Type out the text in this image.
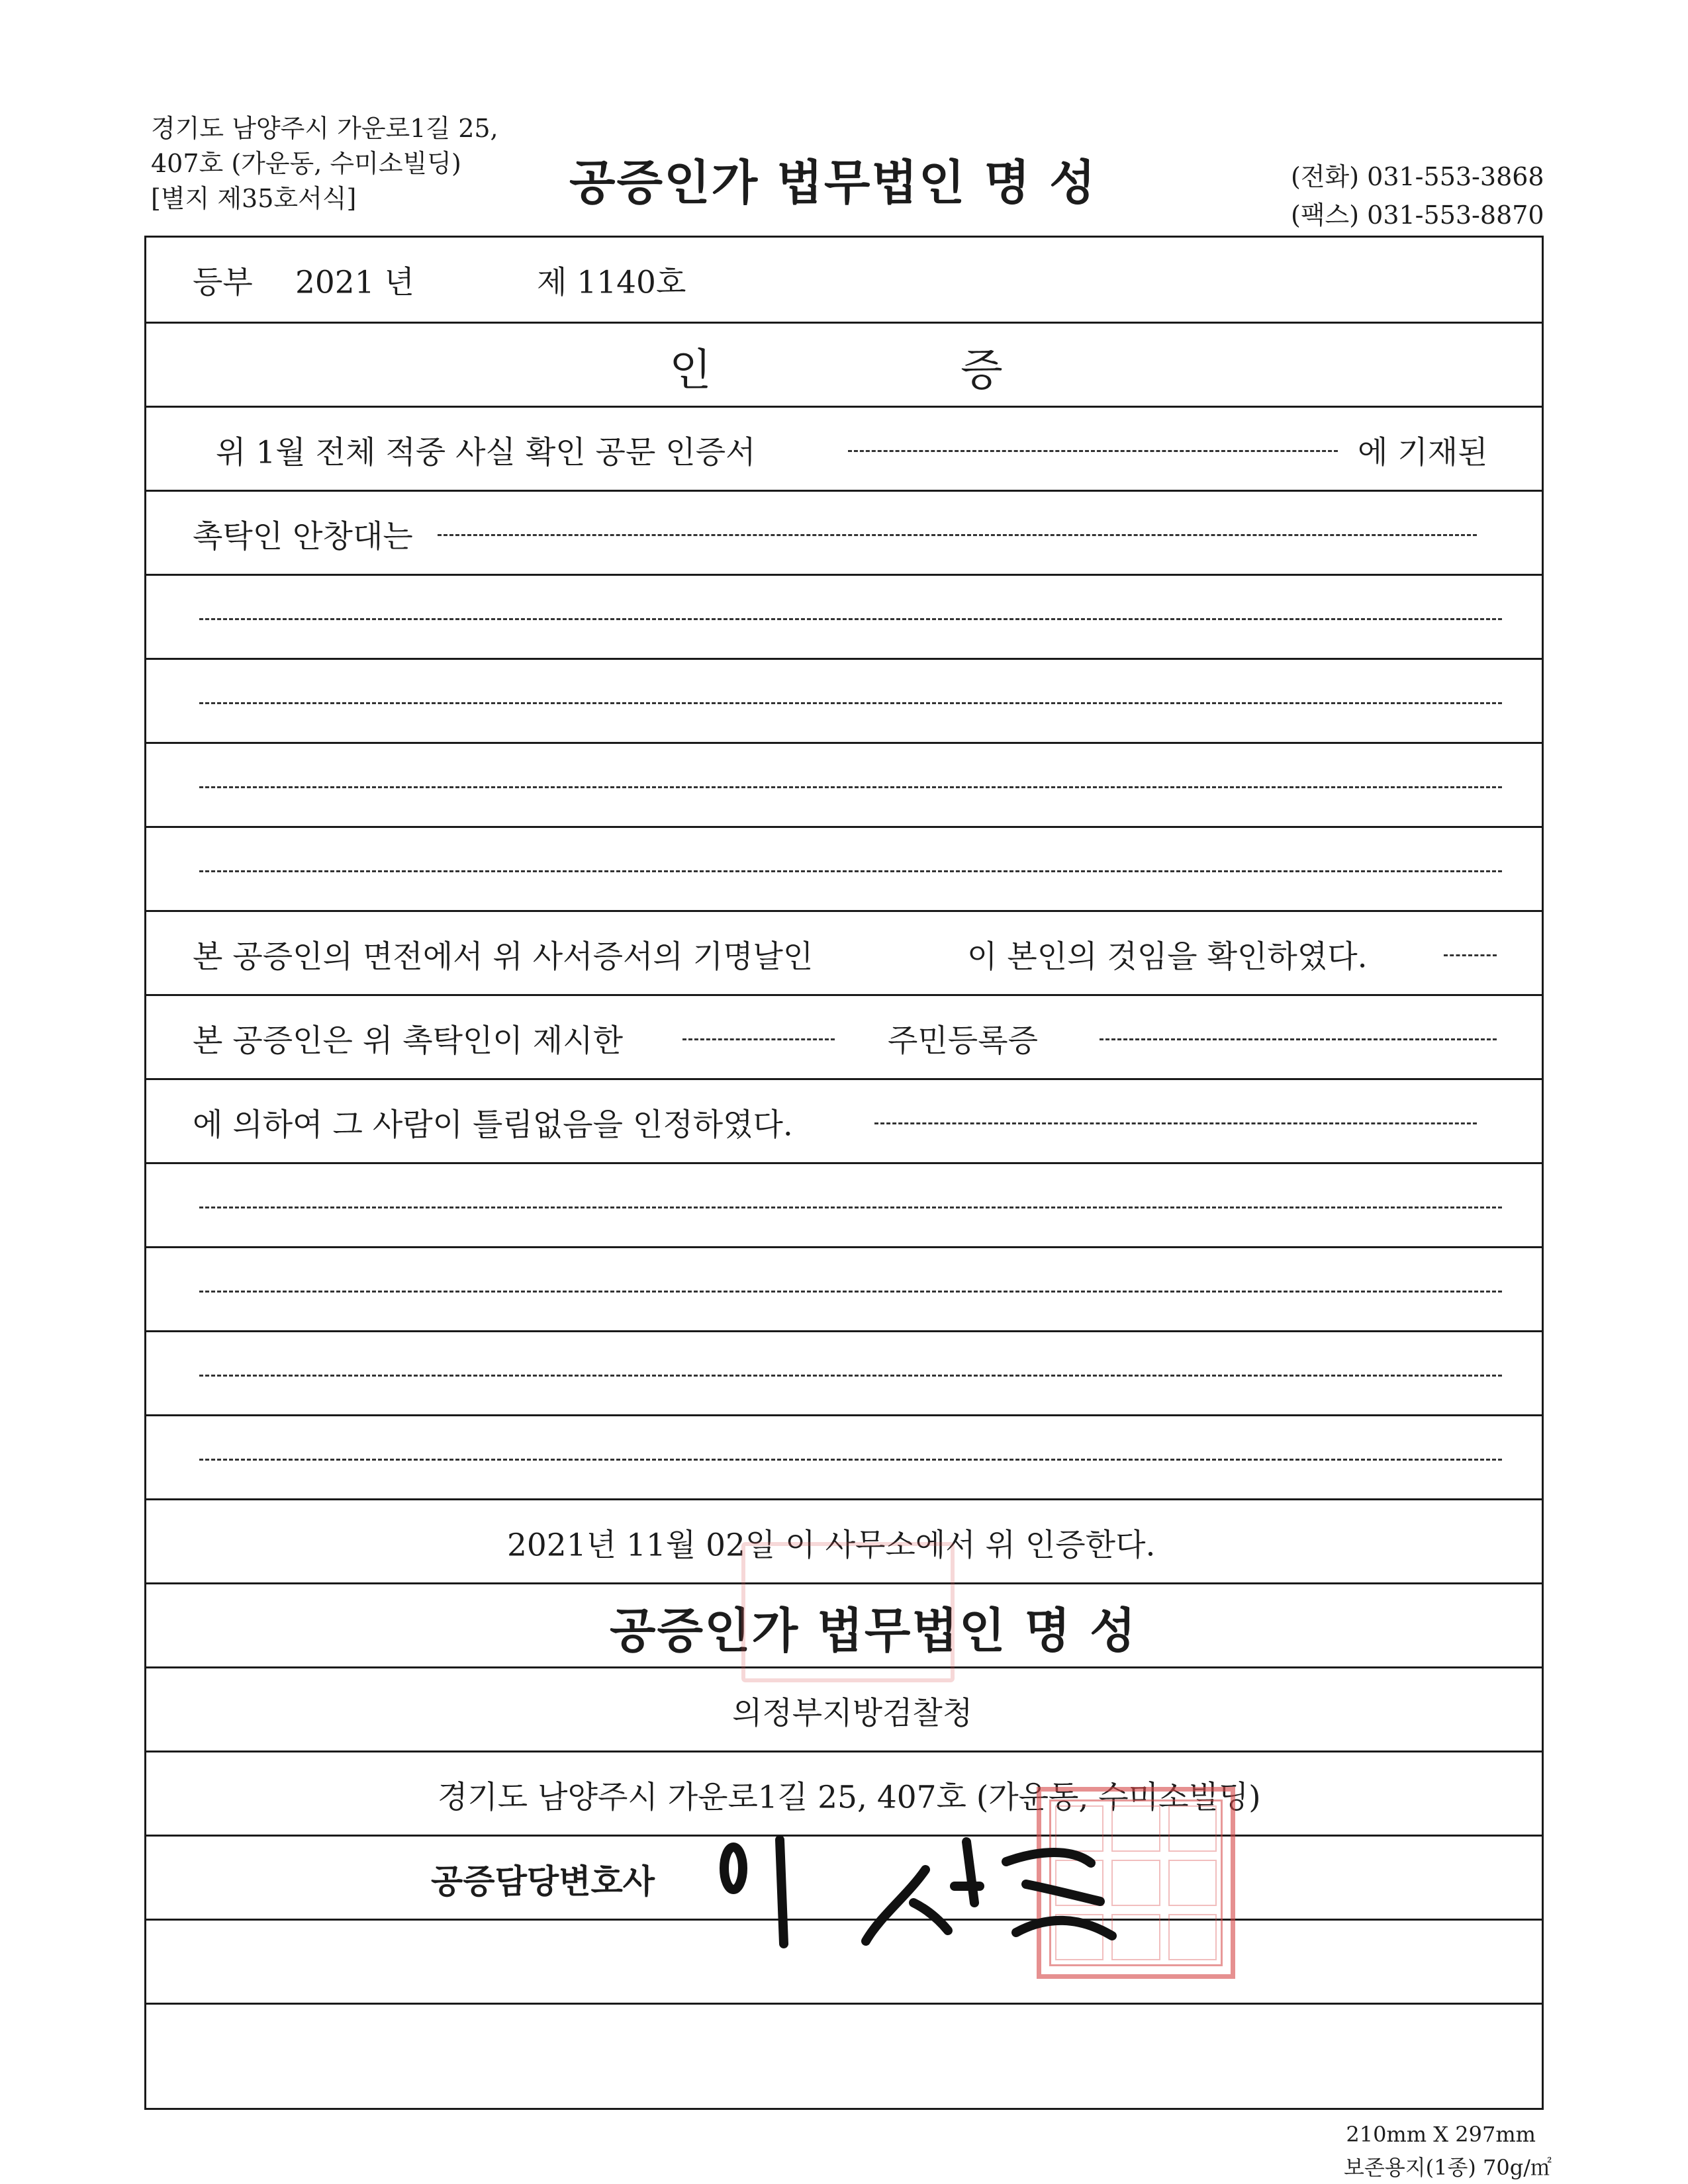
경기도 남양주시 가운로1길 25,
407호 (가운동, 수미소빌딩)
[별지 제35호서식]	공증인가 법무법인 명 성	(전화) 031-553-3868
(팩스) 031-553-8870
등부 2021 년	제 1140호
인	증
위 1월 전체 적중 사실 확인 공문 인증서	에 기재된
촉탁인 안창대는
본 공증인의 면전에서 위 사서증서의 기명날인	이 본인의 것임을 확인하였다.
본 공증인은 위 촉탁인이 제시한	주민등록증
에 의하여 그 사람이 틀림없음을 인정하였다.
2021년 11월 02일 이 사무소에서 위 인증한다.
공증인가 법무법인 명 성
의정부지방검찰청
경기도 남양주시 가운로1길 25, 407호 (가운동, 수미소빌딩)
공증담당변호사
210mm X 297mm
보존용지(1종) 70g/㎡
